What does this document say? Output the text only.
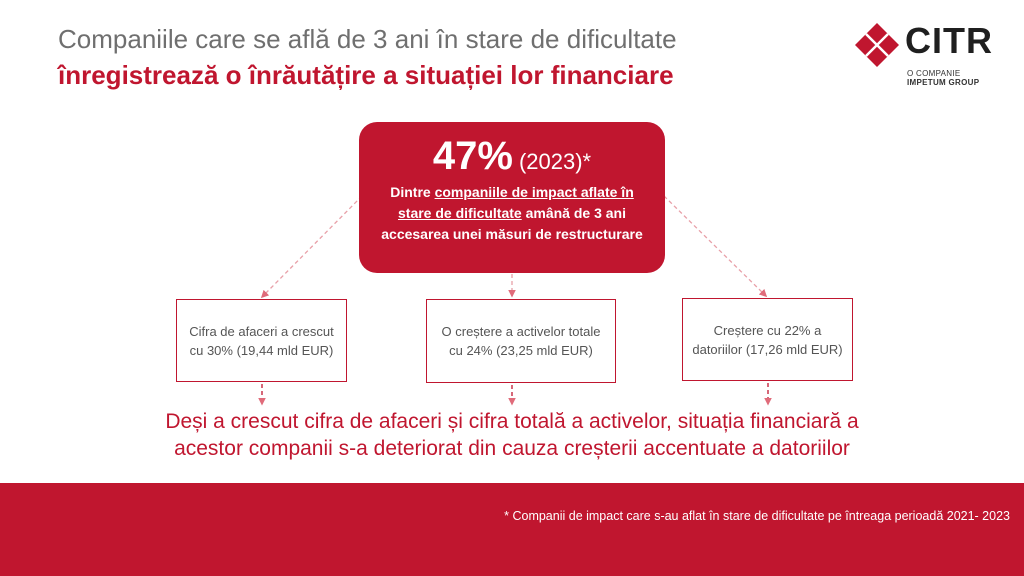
Companiile care se află de 3 ani în stare de dificultate
înregistrează o înrăutățire a situației lor financiare
CITR
O COMPANIE
IMPETUM GROUP
47% (2023)*
Dintre companiile de impact aflate în stare de dificultate amână de 3 ani accesarea unei măsuri de restructurare
Cifra de afaceri a crescut cu 30% (19,44 mld EUR)
O creștere a activelor totale cu 24% (23,25 mld EUR)
Creștere cu 22% a datoriilor (17,26 mld EUR)
Deși a crescut cifra de afaceri și cifra totală a activelor, situația financiară a
acestor companii s-a deteriorat din cauza creșterii accentuate a datoriilor
* Companii de impact care s-au aflat în stare de dificultate pe întreaga perioadă 2021- 2023
